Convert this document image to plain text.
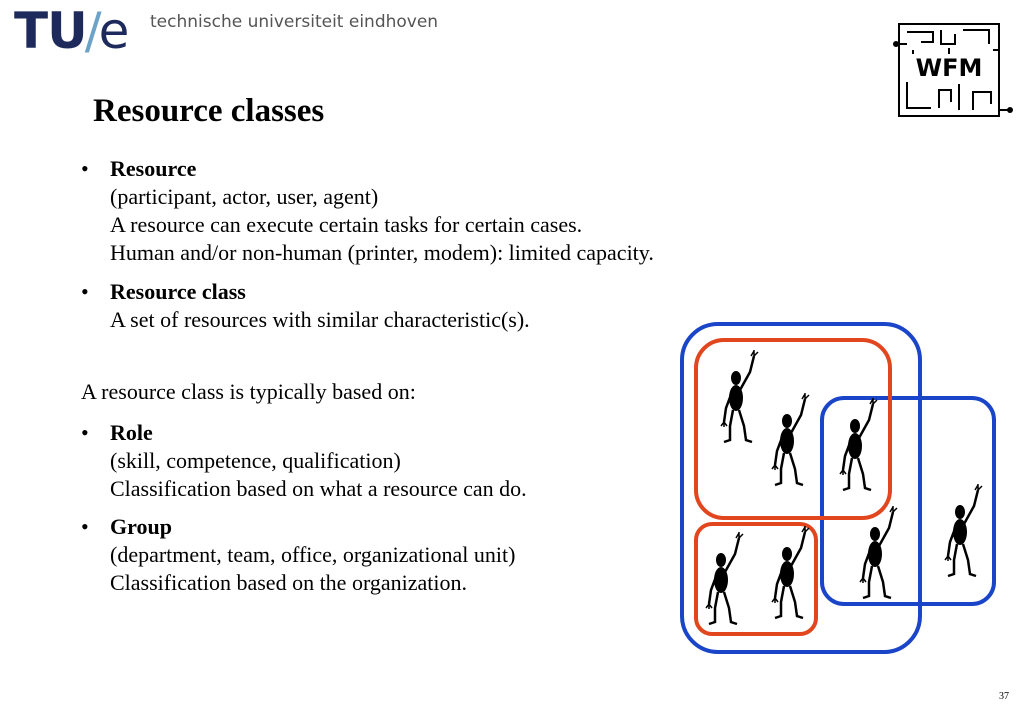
TU/e technische universiteit eindhoven
WFM
Resource classes
• Resource
(participant, actor, user, agent)
A resource can execute certain tasks for certain cases.
Human and/or non-human (printer, modem): limited capacity.
• Resource class
A set of resources with similar characteristic(s).
A resource class is typically based on:
• Role
(skill, competence, qualification)
Classification based on what a resource can do.
• Group
(department, team, office, organizational unit)
Classification based on the organization.
37
